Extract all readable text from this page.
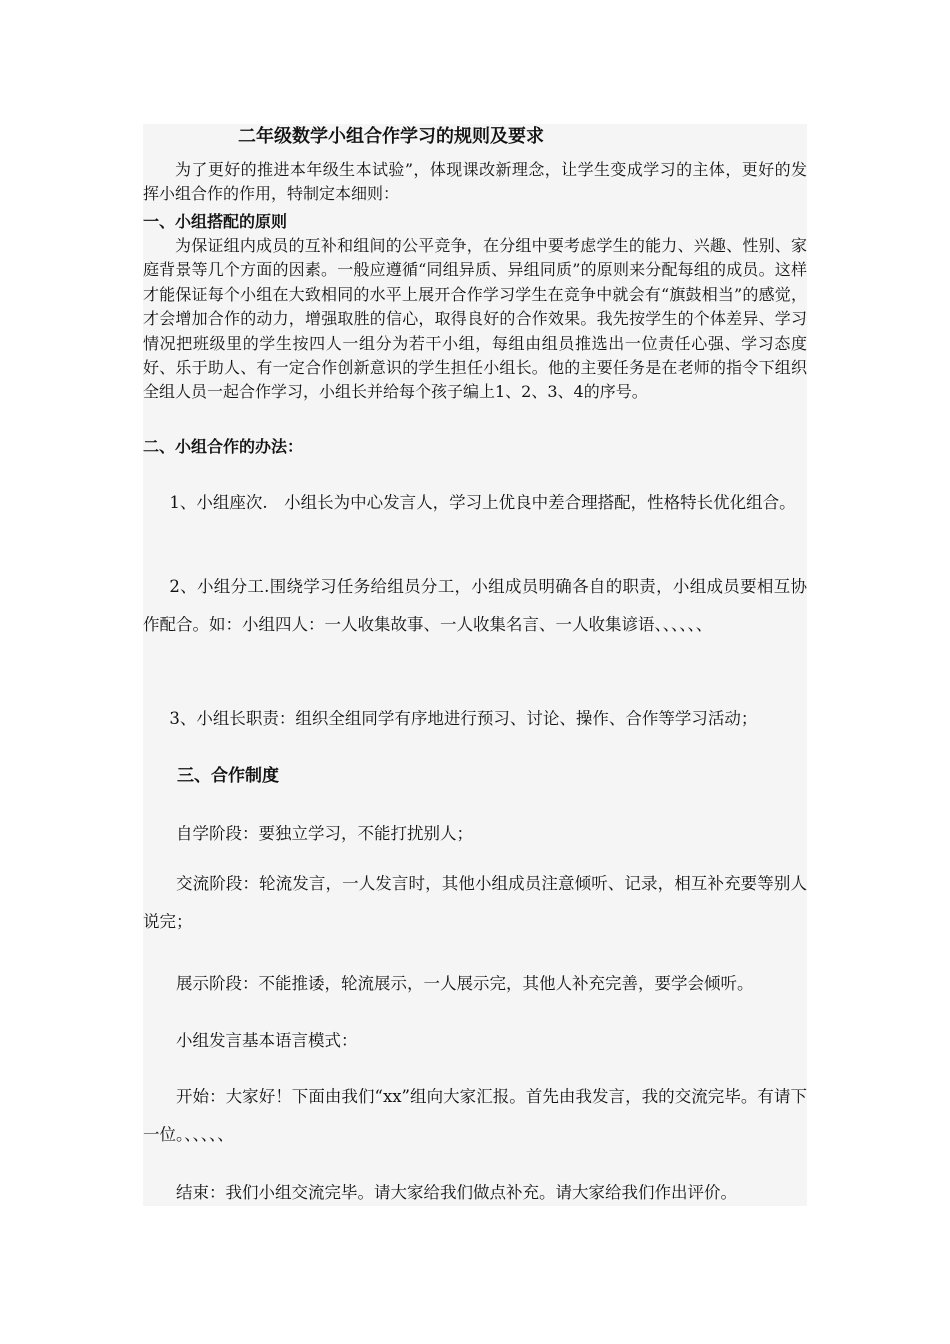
二年级数学小组合作学习的规则及要求
为了更好的推进本年级生本试验”，体现课改新理念，让学生变成学习的主体，更好的发挥小组合作的作用，特制定本细则：
一、小组搭配的原则
为保证组内成员的互补和组间的公平竞争，在分组中要考虑学生的能力、兴趣、性别、家庭背景等几个方面的因素。一般应遵循“同组异质、异组同质”的原则来分配每组的成员。这样才能保证每个小组在大致相同的水平上展开合作学习学生在竞争中就会有“旗鼓相当”的感觉，才会增加合作的动力，增强取胜的信心，取得良好的合作效果。我先按学生的个体差异、学习情况把班级里的学生按四人一组分为若干小组，每组由组员推选出一位责任心强、学习态度好、乐于助人、有一定合作创新意识的学生担任小组长。他的主要任务是在老师的指令下组织全组人员一起合作学习，小组长并给每个孩子编上1、2、3、4的序号。
二、小组合作的办法：
1、小组座次.　小组长为中心发言人，学习上优良中差合理搭配，性格特长优化组合。
2、小组分工.围绕学习任务给组员分工，小组成员明确各自的职责，小组成员要相互协作配合。如：小组四人：一人收集故事、一人收集名言、一人收集谚语、、、、、、
3、小组长职责：组织全组同学有序地进行预习、讨论、操作、合作等学习活动；
三、合作制度
自学阶段：要独立学习，不能打扰别人；
交流阶段：轮流发言，一人发言时，其他小组成员注意倾听、记录，相互补充要等别人说完；
展示阶段：不能推诿，轮流展示，一人展示完，其他人补充完善，要学会倾听。
小组发言基本语言模式：
开始：大家好！下面由我们“xx”组向大家汇报。首先由我发言，我的交流完毕。有请下一位。、、、、、
结束：我们小组交流完毕。请大家给我们做点补充。请大家给我们作出评价。
